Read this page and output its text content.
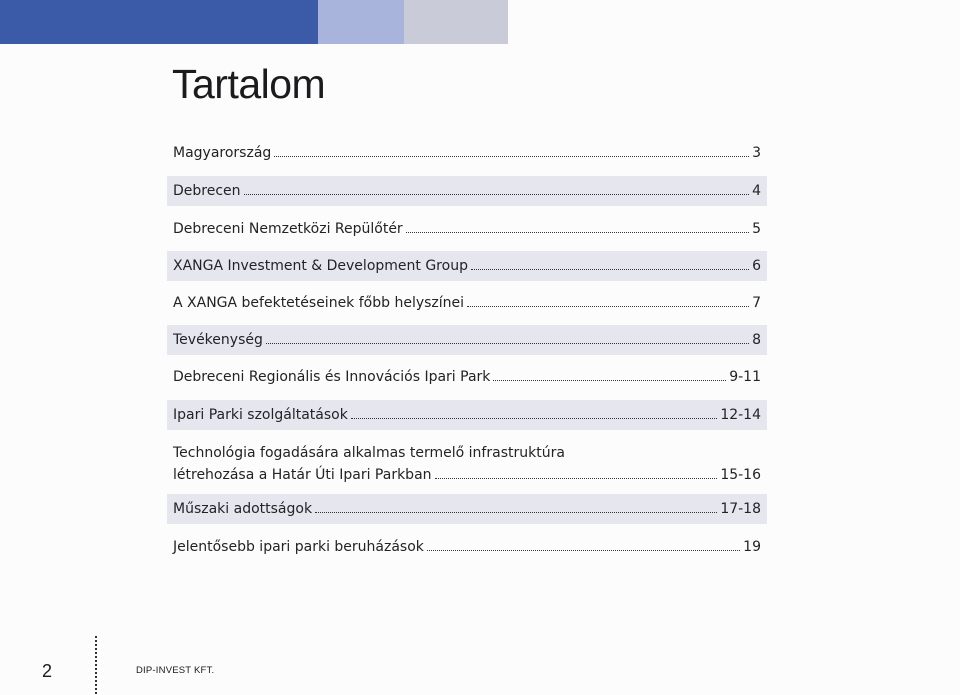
Tartalom
Magyarország	3
Debrecen	4
Debreceni Nemzetközi Repülőtér	5
XANGA Investment & Development Group	6
A XANGA befektetéseinek főbb helyszínei	7
Tevékenység	8
Debreceni Regionális és Innovációs Ipari Park	9-11
Ipari Parki szolgáltatások	12-14
Technológia fogadására alkalmas termelő infrastruktúra
létrehozása a Határ Úti Ipari Parkban	15-16
Műszaki adottságok	17-18
Jelentősebb ipari parki beruházások	19
2	DIP-INVEST KFT.
